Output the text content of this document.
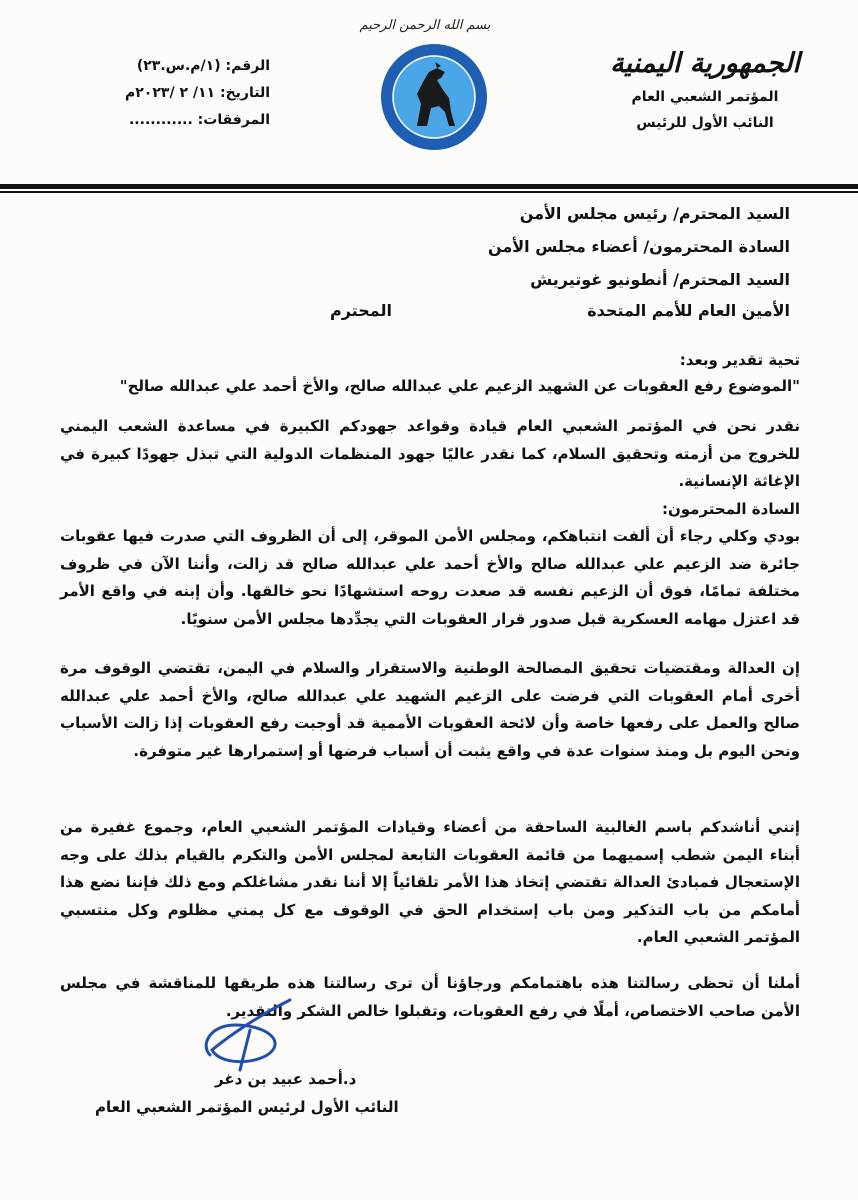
الجمهورية اليمنية
المؤتمر الشعبي العام
النائب الأول للرئيس
بسم الله الرحمن الرحيم
الرقم: (١/م.س.٢٣)
التاريخ: ١١/ ٢ /٢٠٢٣م
المرفقات: ............
السيد المحترم/ رئيس مجلس الأمن
السادة المحترمون/ أعضاء مجلس الأمن
السيد المحترم/ أنطونيو غوتيريش
الأمين العام للأمم المتحدة
المحترم
تحية تقدير وبعد:
"الموضوع رفع العقوبات عن الشهيد الزعيم علي عبدالله صالح، والأخ أحمد علي عبدالله صالح"
نقدر نحن في المؤتمر الشعبي العام قيادة وقواعد جهودكم الكبيرة في مساعدة الشعب اليمني للخروج من أزمته وتحقيق السلام، كما نقدر عاليًا جهود المنظمات الدولية التي تبذل جهودًا كبيرة في الإغاثة الإنسانية.
السادة المحترمون:
بودي وكلي رجاء أن ألفت انتباهكم، ومجلس الأمن الموقر، إلى أن الظروف التي صدرت فيها عقوبات جائرة ضد الزعيم علي عبدالله صالح والأخ أحمد علي عبدالله صالح قد زالت، وأننا الآن في ظروف مختلفة تمامًا، فوق أن الزعيم نفسه قد صعدت روحه استشهادًا نحو خالقها. وأن إبنه في واقع الأمر قد اعتزل مهامه العسكرية قبل صدور قرار العقوبات التي يجدِّدها مجلس الأمن سنويًا.
إن العدالة ومقتضيات تحقيق المصالحة الوطنية والاستقرار والسلام في اليمن، تقتضي الوقوف مرة أخرى أمام العقوبات التي فرضت على الزعيم الشهيد علي عبدالله صالح، والأخ أحمد علي عبدالله صالح والعمل على رفعها خاصة وأن لائحة العقوبات الأممية قد أوجبت رفع العقوبات إذا زالت الأسباب ونحن اليوم بل ومنذ سنوات عدة في واقع يثبت أن أسباب فرضها أو إستمرارها غير متوفرة.
إنني أناشدكم باسم الغالبية الساحقة من أعضاء وقيادات المؤتمر الشعبي العام، وجموع غفيرة من أبناء اليمن شطب إسميهما من قائمة العقوبات التابعة لمجلس الأمن والتكرم بالقيام بذلك على وجه الإستعجال فمبادئ العدالة تقتضي إتخاذ هذا الأمر تلقائياً إلا أننا نقدر مشاغلكم ومع ذلك فإننا نضع هذا أمامكم من باب التذكير ومن باب إستخدام الحق في الوقوف مع كل يمني مظلوم وكل منتسبي المؤتمر الشعبي العام.
أملنا أن تحظى رسالتنا هذه باهتمامكم ورجاؤنا أن ترى رسالتنا هذه طريقها للمناقشة في مجلس الأمن صاحب الاختصاص، أملًا في رفع العقوبات، وتقبلوا خالص الشكر والتقدير.
د.أحمد عبيد بن دغر
النائب الأول لرئيس المؤتمر الشعبي العام
